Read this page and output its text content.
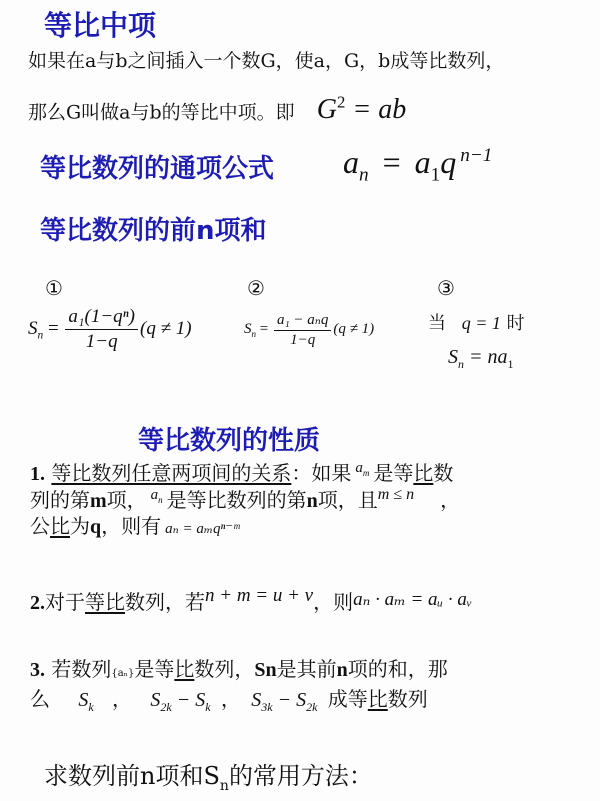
等比中项
如果在a与b之间插入一个数G，使a，G，b成等比数列，
那么G叫做a与b的等比中项。即 $G^2$ = ab
等比数列的通项公式 $a_n = a_1q$ $^{n-1}$
等比数列的前n项和
①
$S_n = \frac{\text{a₁(1−qⁿ)}}{1-q} (q \ne 1)$
②
$S_n = \frac{\text{a₁ − aₙq}}{1-q} (q \ne 1)$
③
当 q = 1 时
$S_n = na_1$
等比数列的性质
1. 等比数列任意两项间的关系：如果 $^{a_m}$ 是等比数
列的第m项， $^{a_n}$ 是等比数列的第n项，且$^{m \le n}$ ，
公比为q，则有 aₙ = aₘqⁿ⁻ᵐ
2.对于等比数列，若n + m = u + v，则aₙ · aₘ = aᵤ · aᵥ
3. 若数列{aₙ}是等比数列，Sn是其前n项的和，那
么 $S_k$ ， $S_{2k} - S_k$ ， $S_{3k} - S_{2k}$ 成等比数列
求数列前n项和$S_n$的常用方法：
